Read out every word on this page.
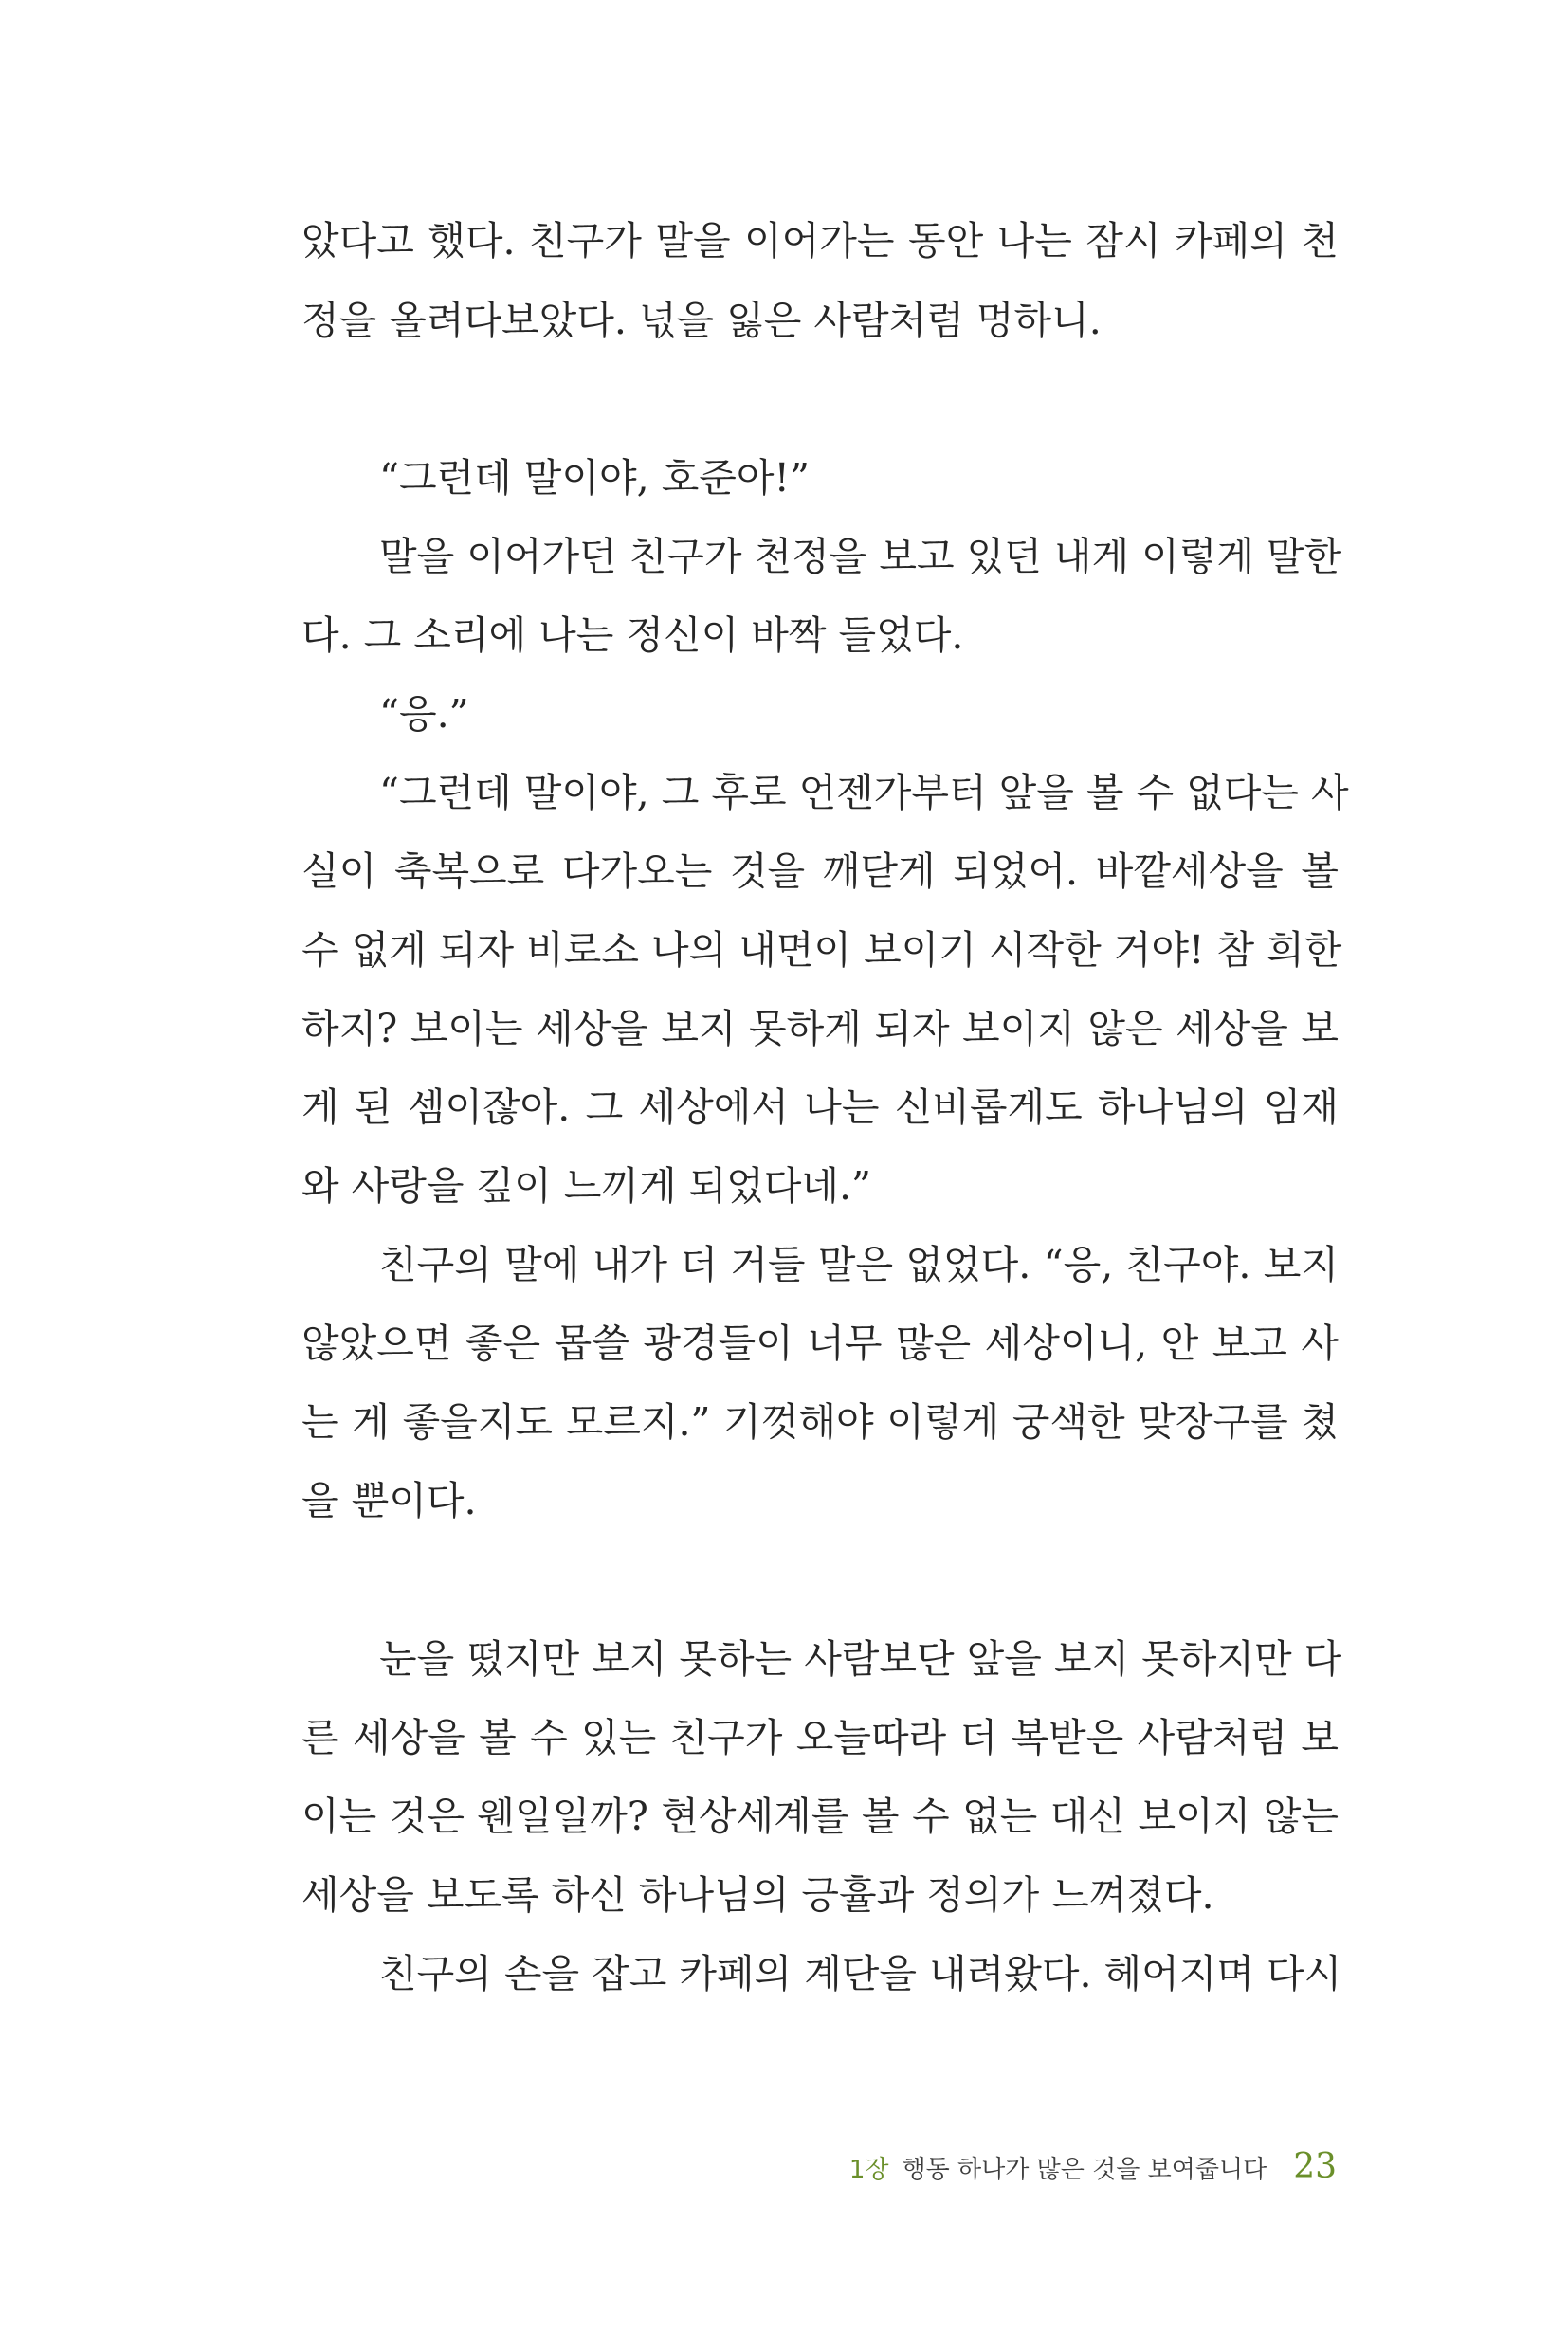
았다고 했다. 친구가 말을 이어가는 동안 나는 잠시 카페의 천
정을 올려다보았다. 넋을 잃은 사람처럼 멍하니.
“그런데 말이야, 호준아!”
말을 이어가던 친구가 천정을 보고 있던 내게 이렇게 말한
다. 그 소리에 나는 정신이 바짝 들었다.
“응.”
“그런데 말이야, 그 후로 언젠가부터 앞을 볼 수 없다는 사
실이 축복으로 다가오는 것을 깨닫게 되었어. 바깥세상을 볼
수 없게 되자 비로소 나의 내면이 보이기 시작한 거야! 참 희한
하지? 보이는 세상을 보지 못하게 되자 보이지 않은 세상을 보
게 된 셈이잖아. 그 세상에서 나는 신비롭게도 하나님의 임재
와 사랑을 깊이 느끼게 되었다네.”
친구의 말에 내가 더 거들 말은 없었다. “응, 친구야. 보지
않았으면 좋은 몹쓸 광경들이 너무 많은 세상이니, 안 보고 사
는 게 좋을지도 모르지.” 기껏해야 이렇게 궁색한 맞장구를 쳤
을 뿐이다.
눈을 떴지만 보지 못하는 사람보단 앞을 보지 못하지만 다
른 세상을 볼 수 있는 친구가 오늘따라 더 복받은 사람처럼 보
이는 것은 웬일일까? 현상세계를 볼 수 없는 대신 보이지 않는
세상을 보도록 하신 하나님의 긍휼과 정의가 느껴졌다.
친구의 손을 잡고 카페의 계단을 내려왔다. 헤어지며 다시
1장 행동 하나가 많은 것을 보여줍니다 23
